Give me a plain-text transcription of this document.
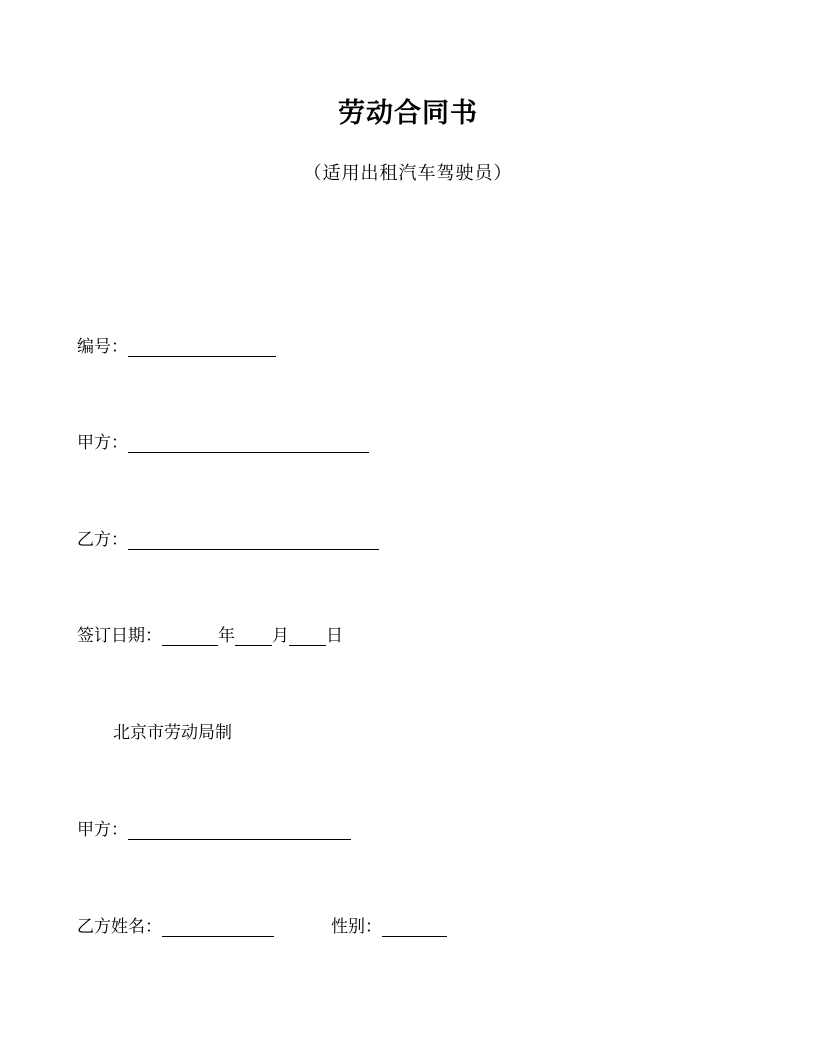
劳动合同书
（适用出租汽车驾驶员）
编号：
甲方：
乙方：
签订日期：	年 月 日
北京市劳动局制
甲方：
乙方姓名：	性别：
